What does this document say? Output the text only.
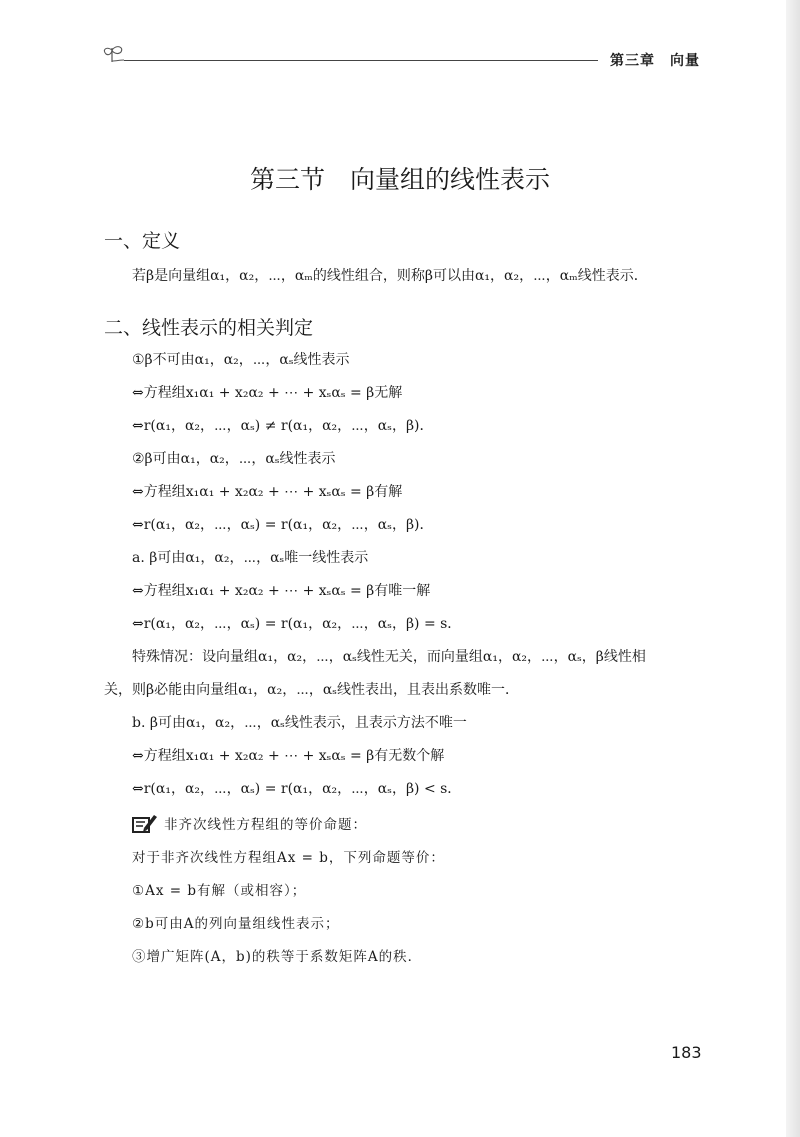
第三章　向量
第三节　向量组的线性表示
一、定义
若β是向量组α₁，α₂，⋯，αₘ的线性组合，则称β可以由α₁，α₂，⋯，αₘ线性表示．
二、线性表示的相关判定
①β不可由α₁，α₂，⋯，αₛ线性表示
⇔方程组x₁α₁ + x₂α₂ + ⋯ + xₛαₛ = β无解
⇔r(α₁，α₂，⋯，αₛ) ≠ r(α₁，α₂，⋯，αₛ，β)．
②β可由α₁，α₂，⋯，αₛ线性表示
⇔方程组x₁α₁ + x₂α₂ + ⋯ + xₛαₛ = β有解
⇔r(α₁，α₂，⋯，αₛ) = r(α₁，α₂，⋯，αₛ，β)．
a. β可由α₁，α₂，⋯，αₛ唯一线性表示
⇔方程组x₁α₁ + x₂α₂ + ⋯ + xₛαₛ = β有唯一解
⇔r(α₁，α₂，⋯，αₛ) = r(α₁，α₂，⋯，αₛ，β) = s．
特殊情况：设向量组α₁，α₂，⋯，αₛ线性无关，而向量组α₁，α₂，⋯，αₛ，β线性相
关，则β必能由向量组α₁，α₂，⋯，αₛ线性表出，且表出系数唯一．
b. β可由α₁，α₂，⋯，αₛ线性表示，且表示方法不唯一
⇔方程组x₁α₁ + x₂α₂ + ⋯ + xₛαₛ = β有无数个解
⇔r(α₁，α₂，⋯，αₛ) = r(α₁，α₂，⋯，αₛ，β) < s．
非齐次线性方程组的等价命题：
对于非齐次线性方程组Ax = b，下列命题等价：
①Ax = b有解（或相容）；
②b可由A的列向量组线性表示；
③增广矩阵(A，b)的秩等于系数矩阵A的秩．
183
